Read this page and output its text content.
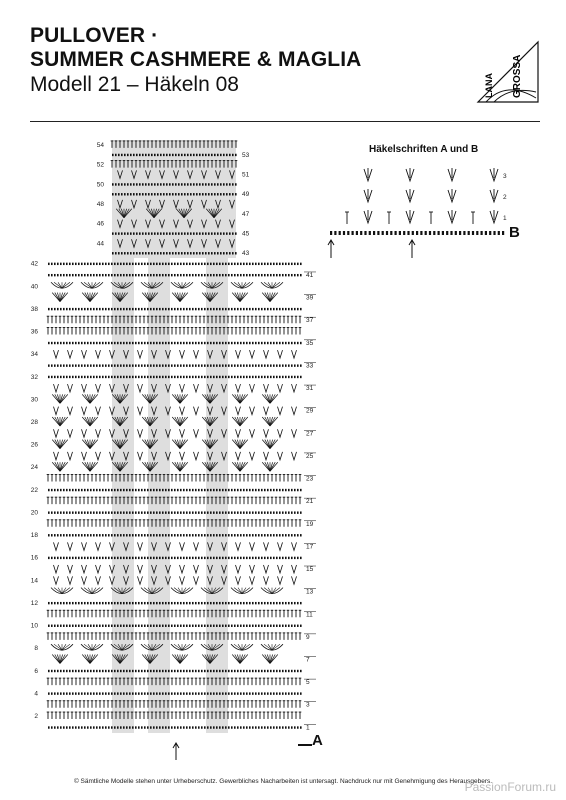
PULLOVER ·
SUMMER CASHMERE & MAGLIA
Modell 21 – Häkeln 08	LANA GROSSA
Häkelschriften A und B
2
4
6
8
10
12
14
16
18
20
22
24
26
28
30
32
34
36
38
40
42
1
3
5
7
9
11
13
15
17
19
21
23
25
27
29
31
33
35
37
39
41
44
46
48
50
52
54
43
45
47
49
51
53
1
2
3
A
B
© Sämtliche Modelle stehen unter Urheberschutz. Gewerbliches Nacharbeiten ist untersagt. Nachdruck nur mit Genehmigung des Herausgebers.
PassionForum.ru
